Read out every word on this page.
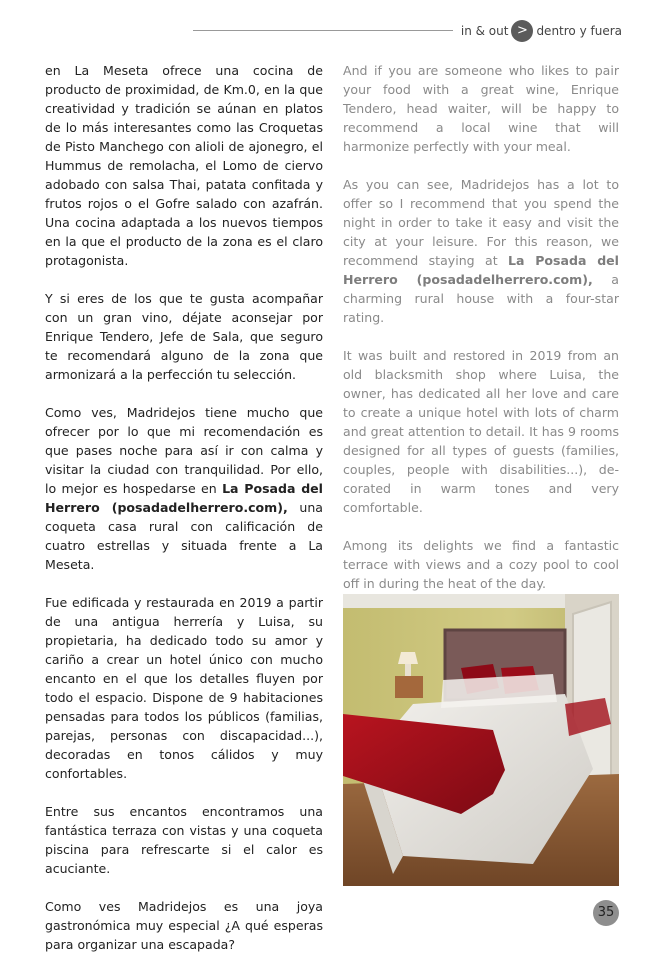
in & out > dentro y fuera

en La Meseta ofrece una cocina de producto de proximidad, de Km.0, en la que creatividad y tradición se aúnan en platos de lo más interesantes como las Croquetas de Pisto Manchego con alioli de ajonegro, el Hummus de remolacha, el Lomo de ciervo adobado con salsa Thai, patata confitada y frutos rojos o el Gofre salado con azafrán. Una cocina adaptada a los nuevos tiempos en la que el producto de la zona es el claro protagonista.

Y si eres de los que te gusta acompañar con un gran vino, déjate aconsejar por Enrique Tendero, Jefe de Sala, que seguro te recomendará alguno de la zona que armonizará a la perfección tu selección.

Como ves, Madridejos tiene mucho que ofrecer por lo que mi recomendación es que pases noche para así ir con calma y visitar la ciudad con tranquilidad. Por ello, lo mejor es hospedarse en La Posada del Herrero (posadadelherrero.com), una coqueta casa rural con calificación de cuatro estrellas y situada frente a La Meseta.

Fue edificada y restaurada en 2019 a partir de una antigua herrería y Luisa, su propietaria, ha dedicado todo su amor y cariño a crear un hotel único con mucho encanto en el que los detalles fluyen por todo el espacio. Dispone de 9 habitaciones pensadas para todos los públicos (familias, parejas, personas con discapacidad...), decoradas en tonos cálidos y muy confortables.

Entre sus encantos encontramos una fantástica terraza con vistas y una coqueta piscina para refrescarte si el calor es acuciante.

Como ves Madridejos es una joya gastronómica muy especial ¿A qué esperas para organizar una escapada?

And if you are someone who likes to pair your food with a great wine, Enrique Tendero, head waiter, will be happy to recommend a local wine that will harmonize perfectly with your meal.

As you can see, Madridejos has a lot to offer so I recommend that you spend the night in order to take it easy and visit the city at your leisure. For this reason, we recommend staying at La Posada del Herrero (posadadelherrero.com), a charming rural house with a four-star rating.

It was built and restored in 2019 from an old blacksmith shop where Luisa, the owner, has dedicated all her love and care to create a unique hotel with lots of charm and great attention to detail. It has 9 rooms designed for all types of guests (families, couples, people with disabilities...), decorated in warm tones and very comfortable.

Among its delights we find a fantastic terrace with views and a cozy pool to cool off in during the heat of the day.

35
